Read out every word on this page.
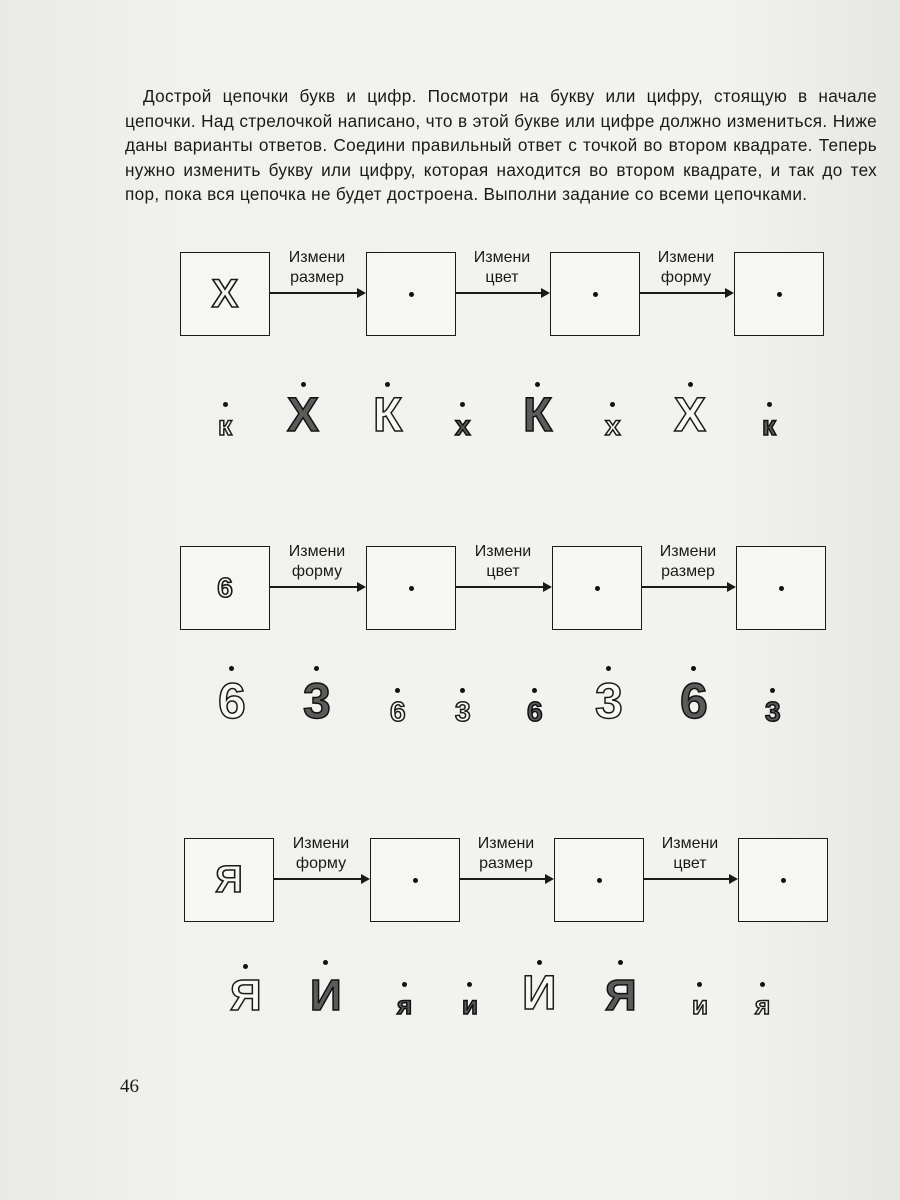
Дострой цепочки букв и цифр. Посмотри на букву или цифру, стоящую в начале цепочки. Над стрелочкой написано, что в этой букве или цифре должно измениться. Ниже даны варианты ответов. Соедини правильный ответ с точкой во втором квадрате. Теперь нужно изменить букву или цифру, которая находится во втором квадрате, и так до тех пор, пока вся цепочка не будет достроена. Выполни задание со всеми цепочками.

Х
Измени
размер
Измени
цвет
Измени
форму
к Х К х К х Х к
6
Измени
форму
Измени
цвет
Измени
размер
6 3 6 3 6 3 6 3
Я
Измени
форму
Измени
размер
Измени
цвет
Я И я и И Я и я
46
